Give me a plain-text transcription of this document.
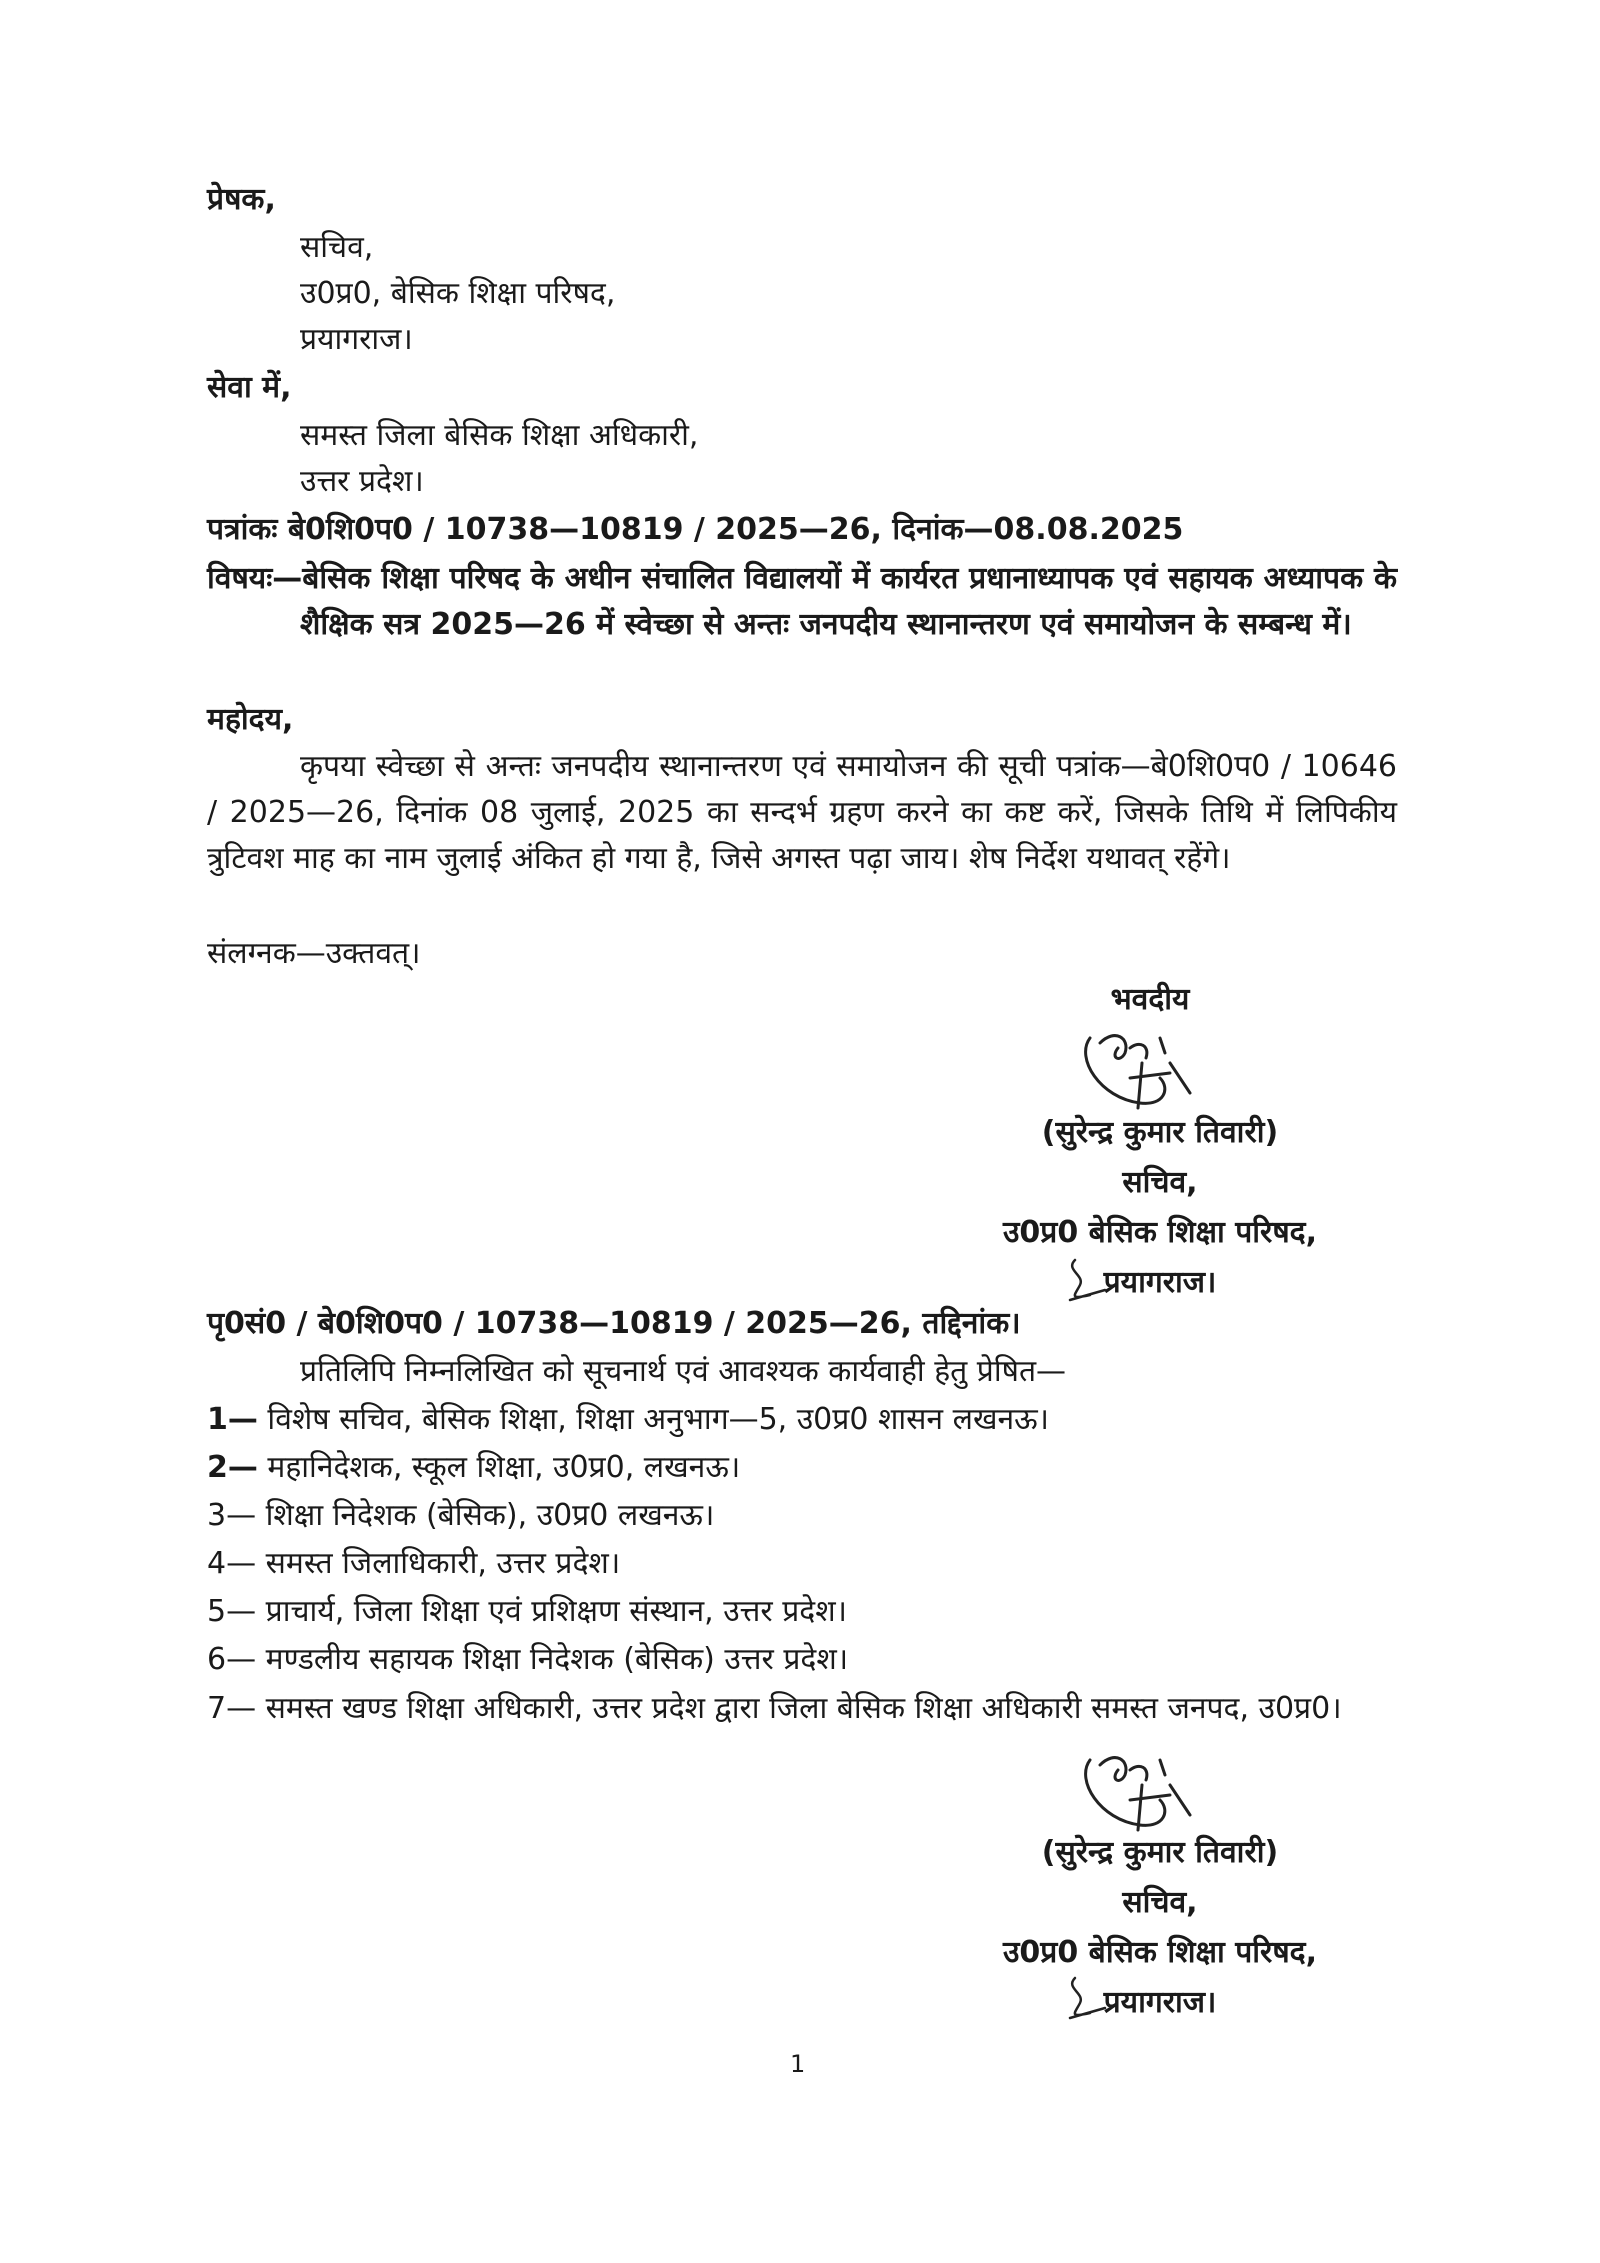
प्रेषक,
सचिव,
उ0प्र0, बेसिक शिक्षा परिषद,
प्रयागराज।
सेवा में,
समस्त जिला बेसिक शिक्षा अधिकारी,
उत्तर प्रदेश।
पत्रांकः बे0शि0प0 / 10738—10819 / 2025—26, दिनांक—08.08.2025
विषयः—बेसिक शिक्षा परिषद के अधीन संचालित विद्यालयों में कार्यरत प्रधानाध्यापक एवं सहायक अध्यापक के शैक्षिक सत्र 2025—26 में स्वेच्छा से अन्तः जनपदीय स्थानान्तरण एवं समायोजन के सम्बन्ध में।
महोदय,
कृपया स्वेच्छा से अन्तः जनपदीय स्थानान्तरण एवं समायोजन की सूची पत्रांक—बे0शि0प0 / 10646 / 2025—26, दिनांक 08 जुलाई, 2025 का सन्दर्भ ग्रहण करने का कष्ट करें, जिसके तिथि में लिपिकीय त्रुटिवश माह का नाम जुलाई अंकित हो गया है, जिसे अगस्त पढ़ा जाय। शेष निर्देश यथावत् रहेंगे।
संलग्नक—उक्तवत्।
भवदीय
(सुरेन्द्र कुमार तिवारी)
सचिव,
उ0प्र0 बेसिक शिक्षा परिषद,
प्रयागराज।
पृ0सं0 / बे0शि0प0 / 10738—10819 / 2025—26, तद्दिनांक।
प्रतिलिपि निम्नलिखित को सूचनार्थ एवं आवश्यक कार्यवाही हेतु प्रेषित—
1— विशेष सचिव, बेसिक शिक्षा, शिक्षा अनुभाग—5, उ0प्र0 शासन लखनऊ।
2— महानिदेशक, स्कूल शिक्षा, उ0प्र0, लखनऊ।
3— शिक्षा निदेशक (बेसिक), उ0प्र0 लखनऊ।
4— समस्त जिलाधिकारी, उत्तर प्रदेश।
5— प्राचार्य, जिला शिक्षा एवं प्रशिक्षण संस्थान, उत्तर प्रदेश।
6— मण्डलीय सहायक शिक्षा निदेशक (बेसिक) उत्तर प्रदेश।
7— समस्त खण्ड शिक्षा अधिकारी, उत्तर प्रदेश द्वारा जिला बेसिक शिक्षा अधिकारी समस्त जनपद, उ0प्र0।
(सुरेन्द्र कुमार तिवारी)
सचिव,
उ0प्र0 बेसिक शिक्षा परिषद,
प्रयागराज।
1
